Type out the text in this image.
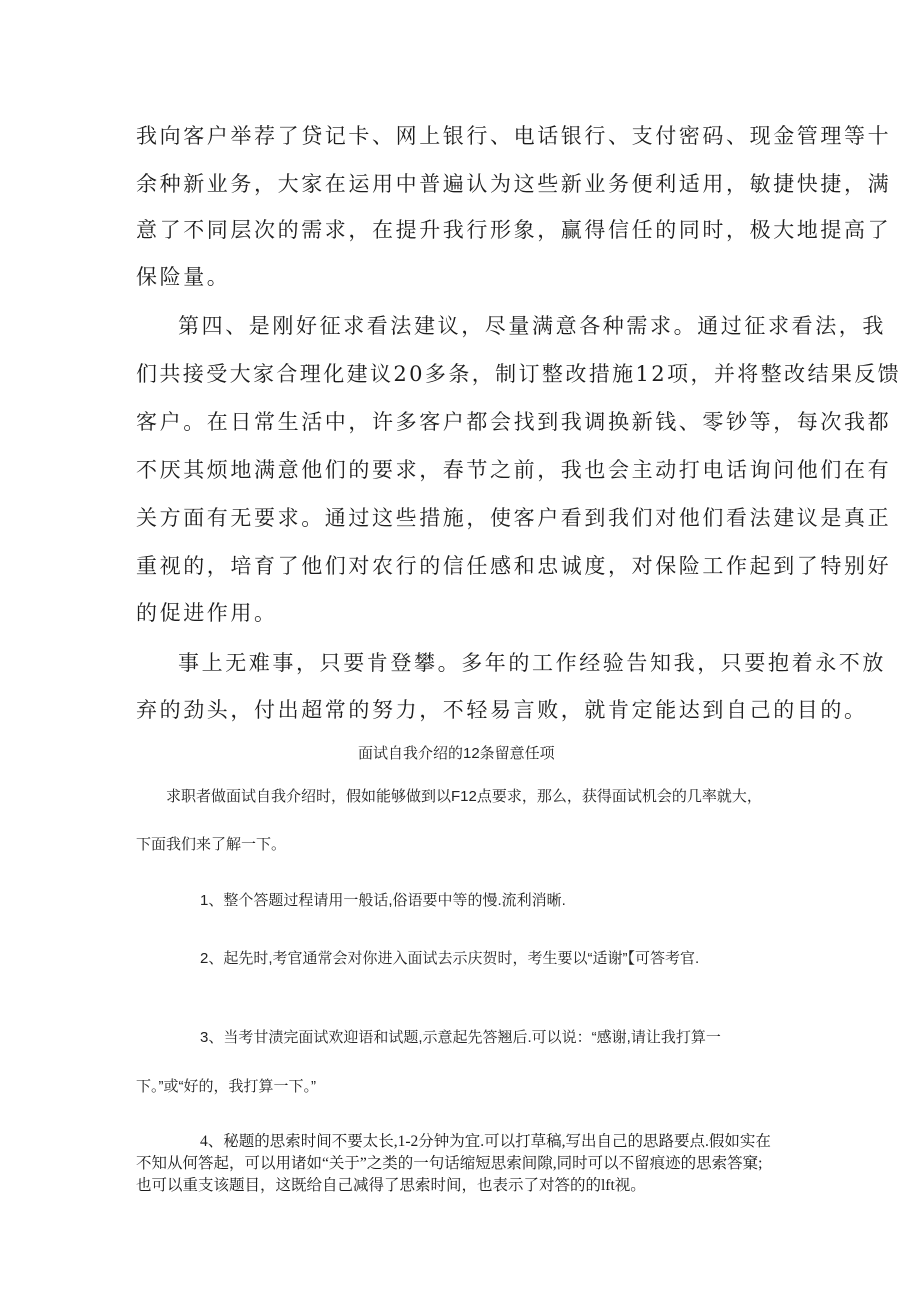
我向客户举荐了贷记卡、网上银行、电话银行、支付密码、现金管理等十

余种新业务，大家在运用中普遍认为这些新业务便利适用，敏捷快捷，满

意了不同层次的需求，在提升我行形象，赢得信任的同时，极大地提高了

保险量。

第四、是刚好征求看法建议，尽量满意各种需求。通过征求看法，我

们共接受大家合理化建议20多条，制订整改措施12项，并将整改结果反馈

客户。在日常生活中，许多客户都会找到我调换新钱、零钞等，每次我都

不厌其烦地满意他们的要求，春节之前，我也会主动打电话询问他们在有

关方面有无要求。通过这些措施，使客户看到我们对他们看法建议是真正

重视的，培育了他们对农行的信任感和忠诚度，对保险工作起到了特别好

的促进作用。

事上无难事，只要肯登攀。多年的工作经验告知我，只要抱着永不放

弃的劲头，付出超常的努力，不轻易言败，就肯定能达到自己的目的。

面试自我介绍的12条留意任项

求职者做面试自我介绍时，假如能够做到以F12点要求，那么，获得面试机会的几率就大，

下面我们来了解一下。

1、整个答题过程请用一般话,俗语要中等的慢.流利消晰.

2、起先时,考官通常会对你进入面试去示庆贺时，考生要以“适谢”【可答考官.

3、当考甘渍完面试欢迎语和试题,示意起先答翘后.可以说：“感谢,请让我打算一

下。”或“好的，我打算一下。”

4、秘题的思索时间不要太长,1-2分钟为宜.可以打草稿,写出自己的思路要点.假如实在

不知从何答起，可以用诸如“关于”之类的一句话缩短思索间隙,同时可以不留痕迹的思索答窠;

也可以重支该题目，这既给自己减得了思索时间，也表示了对答的的lft视。
